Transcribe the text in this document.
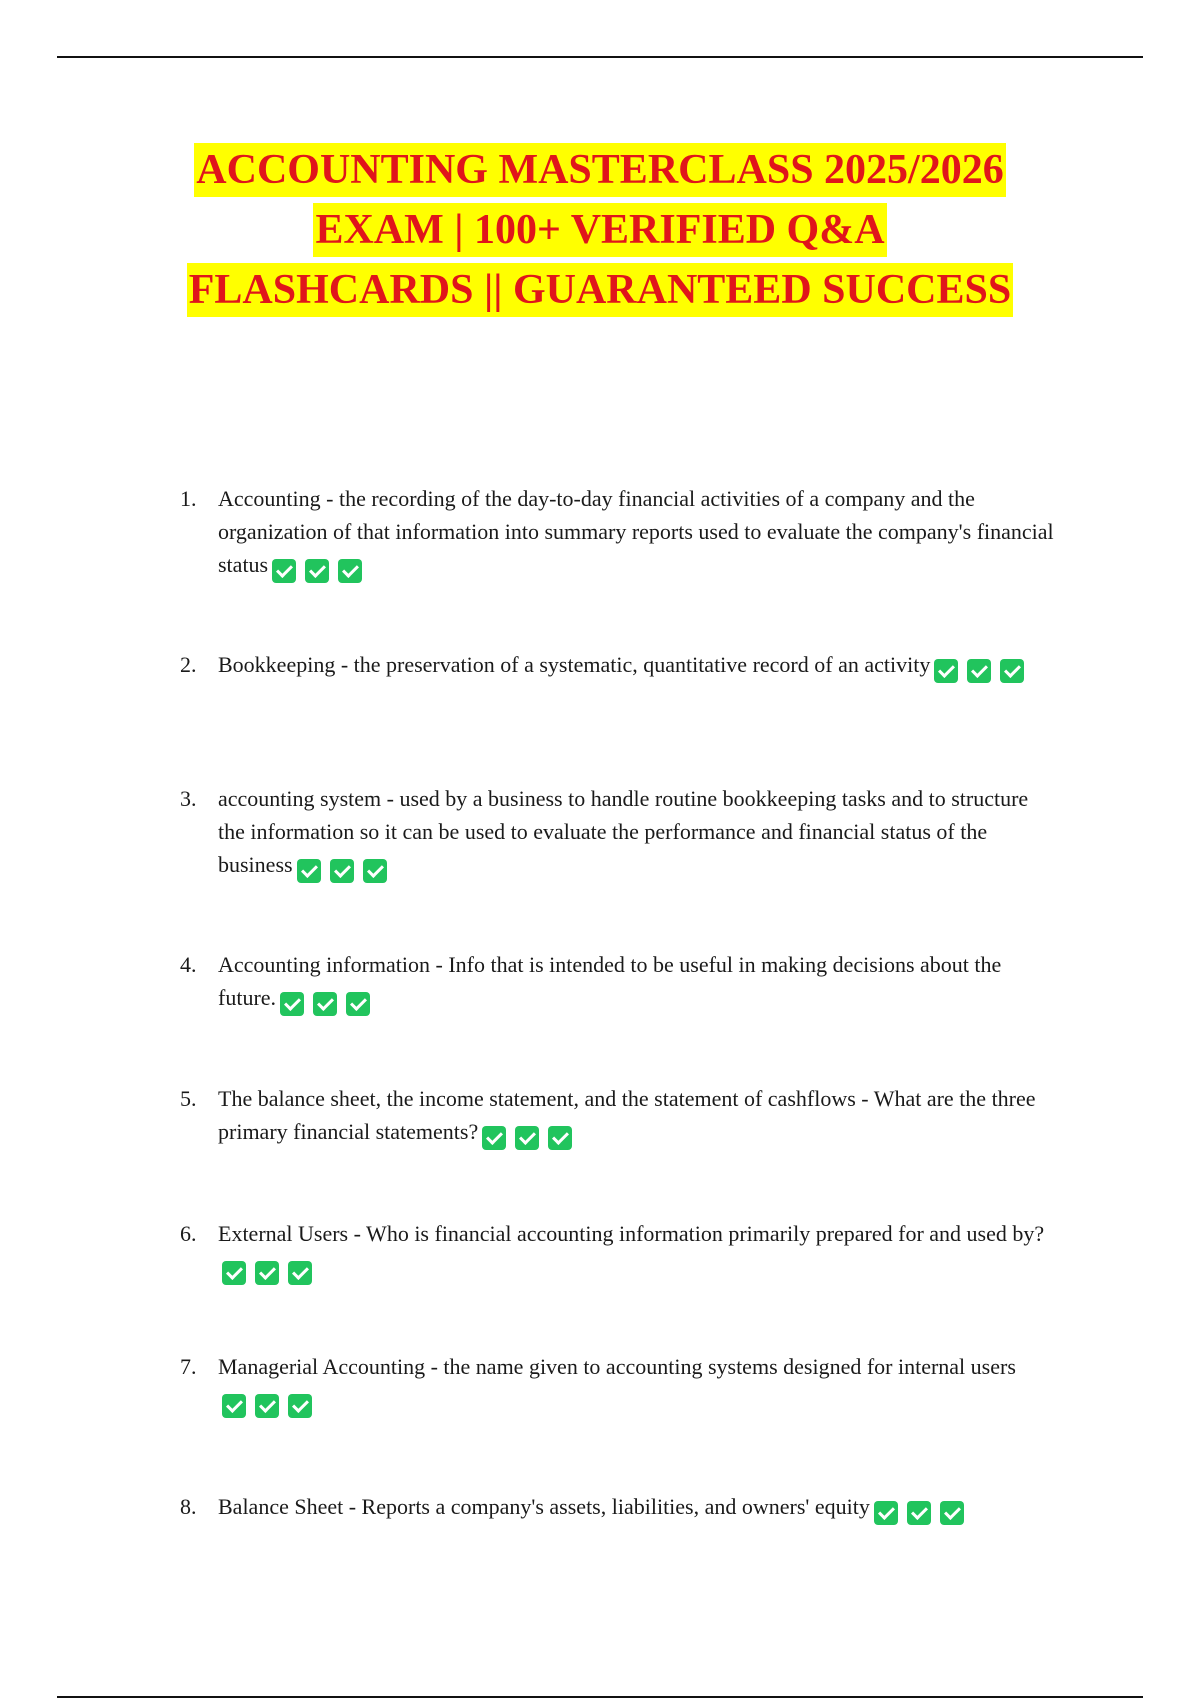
ACCOUNTING MASTERCLASS 2025/2026
EXAM | 100+ VERIFIED Q&A
FLASHCARDS || GUARANTEED SUCCESS
1. Accounting - the recording of the day-to-day financial activities of a company and the organization of that information into summary reports used to evaluate the company's financial status
2. Bookkeeping - the preservation of a systematic, quantitative record of an activity
3. accounting system - used by a business to handle routine bookkeeping tasks and to structure the information so it can be used to evaluate the performance and financial status of the business
4. Accounting information - Info that is intended to be useful in making decisions about the future.
5. The balance sheet, the income statement, and the statement of cashflows - What are the three primary financial statements?
6. External Users - Who is financial accounting information primarily prepared for and used by?
7. Managerial Accounting - the name given to accounting systems designed for internal users
8. Balance Sheet - Reports a company's assets, liabilities, and owners' equity
